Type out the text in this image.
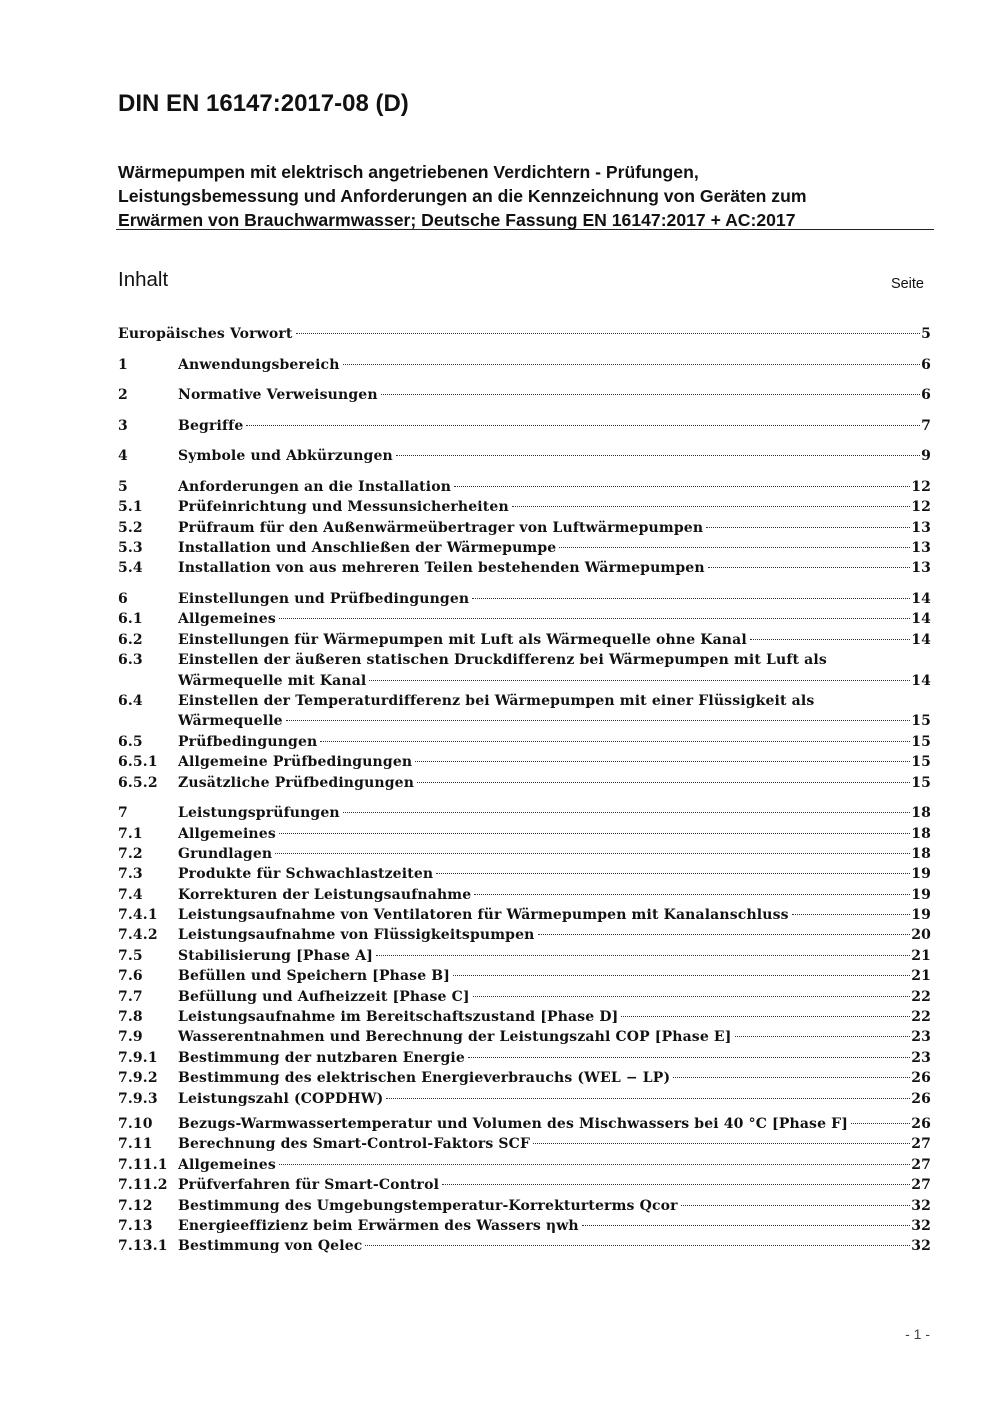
DIN EN 16147:2017-08 (D)
Wärmepumpen mit elektrisch angetriebenen Verdichtern - Prüfungen,
Leistungsbemessung und Anforderungen an die Kennzeichnung von Geräten zum
Erwärmen von Brauchwarmwasser; Deutsche Fassung EN 16147:2017 + AC:2017
Inhalt	Seite
Europäisches Vorwort	5
1	Anwendungsbereich	6
2	Normative Verweisungen	6
3	Begriffe	7
4	Symbole und Abkürzungen	9
5	Anforderungen an die Installation	12
5.1	Prüfeinrichtung und Messunsicherheiten	12
5.2	Prüfraum für den Außenwärmeübertrager von Luftwärmepumpen	13
5.3	Installation und Anschließen der Wärmepumpe	13
5.4	Installation von aus mehreren Teilen bestehenden Wärmepumpen	13
6	Einstellungen und Prüfbedingungen	14
6.1	Allgemeines	14
6.2	Einstellungen für Wärmepumpen mit Luft als Wärmequelle ohne Kanal	14
6.3	Einstellen der äußeren statischen Druckdifferenz bei Wärmepumpen mit Luft als
Wärmequelle mit Kanal	14
6.4	Einstellen der Temperaturdifferenz bei Wärmepumpen mit einer Flüssigkeit als
Wärmequelle	15
6.5	Prüfbedingungen	15
6.5.1	Allgemeine Prüfbedingungen	15
6.5.2	Zusätzliche Prüfbedingungen	15
7	Leistungsprüfungen	18
7.1	Allgemeines	18
7.2	Grundlagen	18
7.3	Produkte für Schwachlastzeiten	19
7.4	Korrekturen der Leistungsaufnahme	19
7.4.1	Leistungsaufnahme von Ventilatoren für Wärmepumpen mit Kanalanschluss	19
7.4.2	Leistungsaufnahme von Flüssigkeitspumpen	20
7.5	Stabilisierung [Phase A]	21
7.6	Befüllen und Speichern [Phase B]	21
7.7	Befüllung und Aufheizzeit [Phase C]	22
7.8	Leistungsaufnahme im Bereitschaftszustand [Phase D]	22
7.9	Wasserentnahmen und Berechnung der Leistungszahl COP [Phase E]	23
7.9.1	Bestimmung der nutzbaren Energie	23
7.9.2	Bestimmung des elektrischen Energieverbrauchs (WEL − LP)	26
7.9.3	Leistungszahl (COPDHW)	26
7.10	Bezugs-Warmwassertemperatur und Volumen des Mischwassers bei 40 °C [Phase F]	26
7.11	Berechnung des Smart-Control-Faktors SCF	27
7.11.1 Allgemeines	27
7.11.2 Prüfverfahren für Smart-Control	27
7.12	Bestimmung des Umgebungstemperatur-Korrekturterms Qcor	32
7.13	Energieeffizienz beim Erwärmen des Wassers ηwh	32
7.13.1 Bestimmung von Qelec	32
- 1 -
